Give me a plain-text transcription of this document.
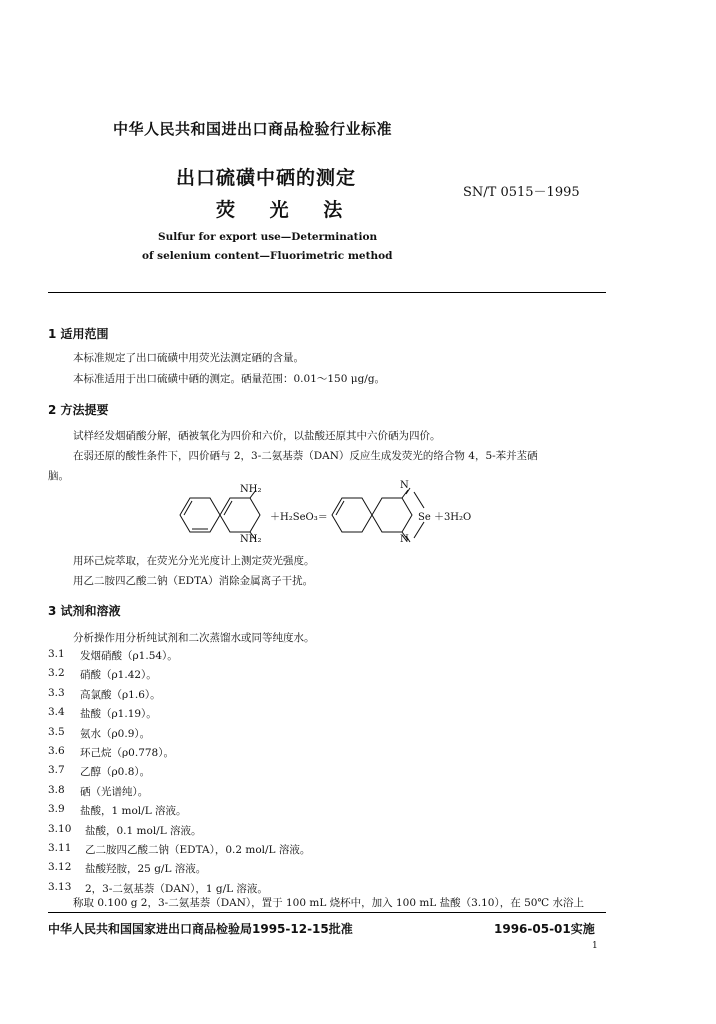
中华人民共和国进出口商品检验行业标准
出口硫磺中硒的测定
荧 光 法
SN/T 0515－1995
Sulfur for export use—Determination
of selenium content—Fluorimetric method
1 适用范围
本标准规定了出口硫磺中用荧光法测定硒的含量。
本标准适用于出口硫磺中硒的测定。硒量范围：0.01～150 μg/g。
2 方法提要
试样经发烟硝酸分解，硒被氧化为四价和六价，以盐酸还原其中六价硒为四价。
在弱还原的酸性条件下，四价硒与 2，3-二氨基萘（DAN）反应生成发荧光的络合物 4，5-苯并苤硒
脑。
NH₂
NH₂
＋H₂SeO₃＝
N
N
Se ＋3H₂O
用环己烷萃取，在荧光分光光度计上测定荧光强度。
用乙二胺四乙酸二钠（EDTA）消除金属离子干扰。
3 试剂和溶液
分析操作用分析纯试剂和二次蒸馏水或同等纯度水。
3.1 发烟硝酸（ρ1.54）。
3.2 硝酸（ρ1.42）。
3.3 高氯酸（ρ1.6）。
3.4 盐酸（ρ1.19）。
3.5 氨水（ρ0.9）。
3.6 环己烷（ρ0.778）。
3.7 乙醇（ρ0.8）。
3.8 硒（光谱纯）。
3.9 盐酸，1 mol/L 溶液。
3.10 盐酸，0.1 mol/L 溶液。
3.11 乙二胺四乙酸二钠（EDTA），0.2 mol/L 溶液。
3.12 盐酸羟胺，25 g/L 溶液。
3.13 2，3-二氨基萘（DAN），1 g/L 溶液。
称取 0.100 g 2，3-二氨基萘（DAN），置于 100 mL 烧杯中，加入 100 mL 盐酸（3.10），在 50℃ 水浴上
中华人民共和国国家进出口商品检验局1995-12-15批准	1996-05-01实施
1
